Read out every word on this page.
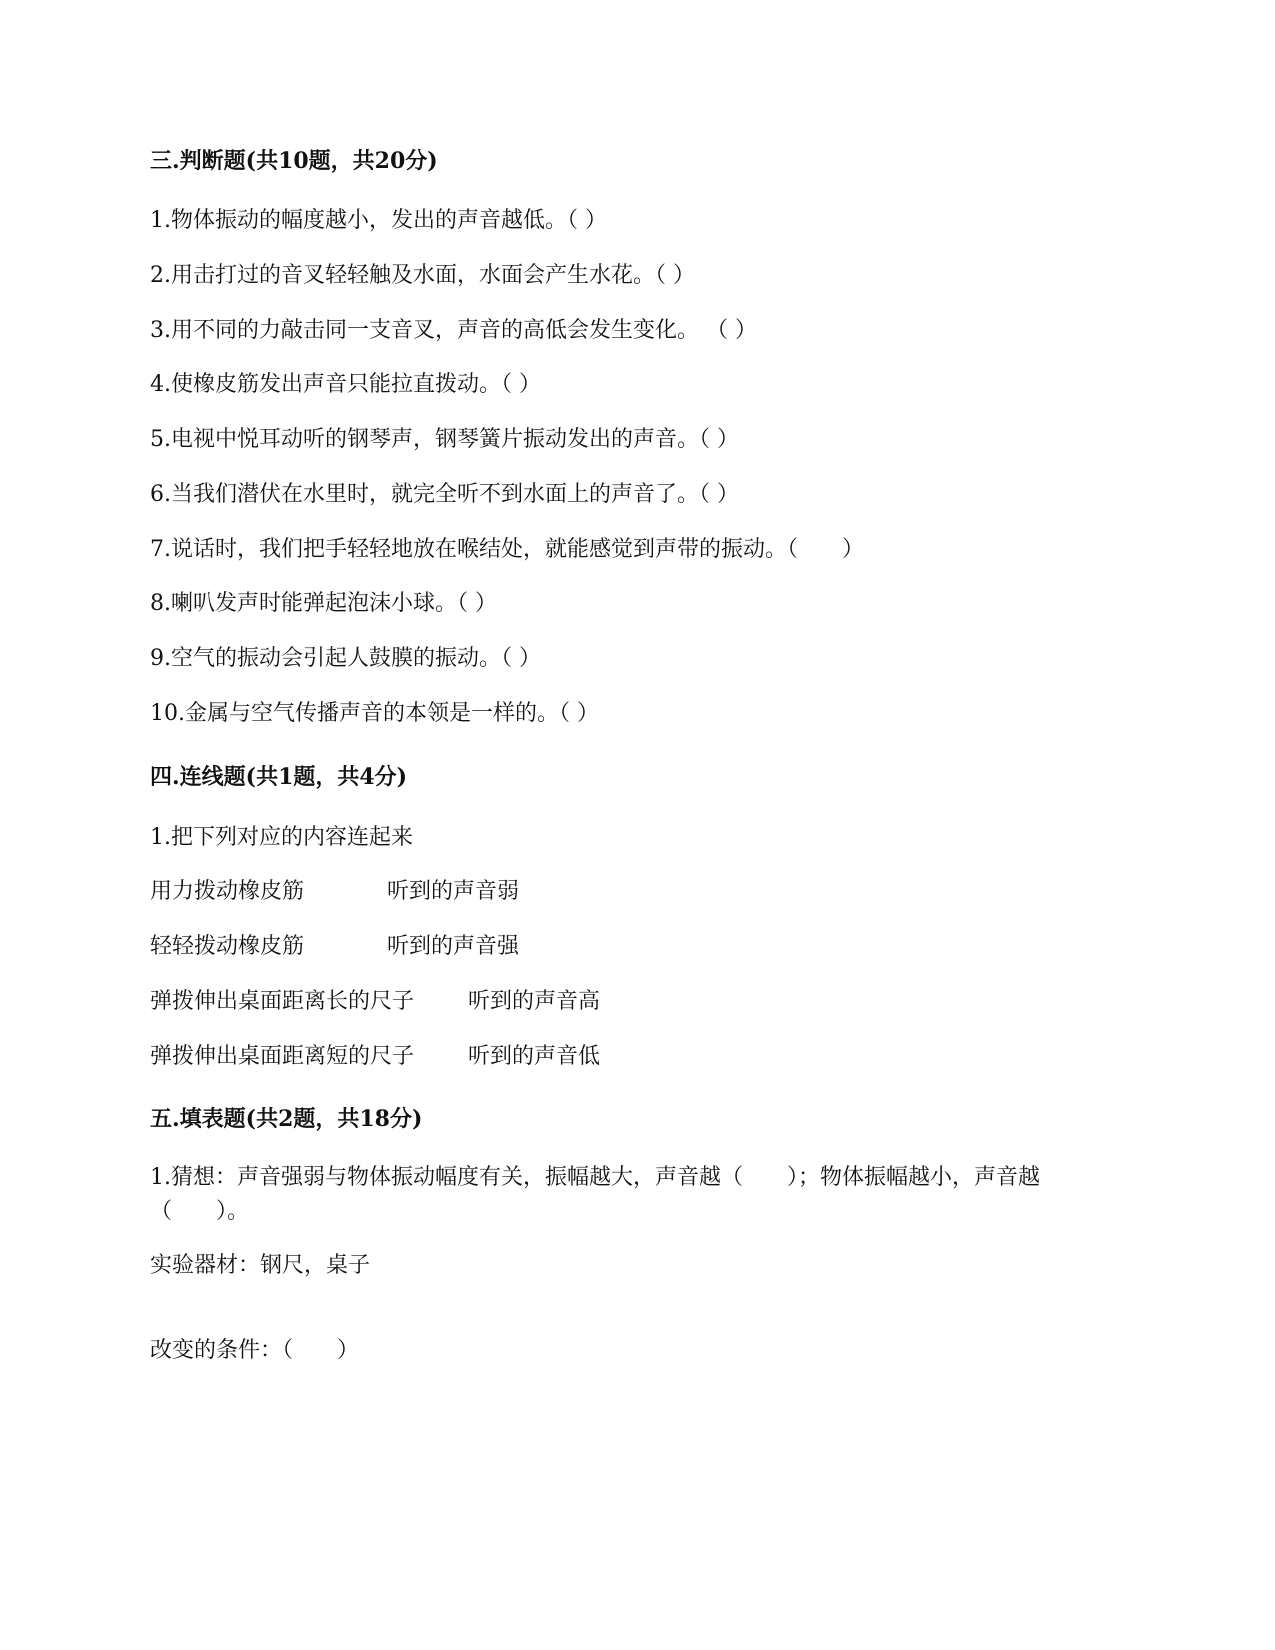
三.判断题(共10题，共20分)
1.物体振动的幅度越小，发出的声音越低。（ ）
2.用击打过的音叉轻轻触及水面，水面会产生水花。（ ）
3.用不同的力敲击同一支音叉，声音的高低会发生变化。 （ ）
4.使橡皮筋发出声音只能拉直拨动。（ ）
5.电视中悦耳动听的钢琴声，钢琴簧片振动发出的声音。（ ）
6.当我们潜伏在水里时，就完全听不到水面上的声音了。（ ）
7.说话时，我们把手轻轻地放在喉结处，就能感觉到声带的振动。（　　）
8.喇叭发声时能弹起泡沫小球。（ ）
9.空气的振动会引起人鼓膜的振动。（ ）
10.金属与空气传播声音的本领是一样的。（ ）
四.连线题(共1题，共4分)
1.把下列对应的内容连起来
用力拨动橡皮筋	听到的声音弱
轻轻拨动橡皮筋	听到的声音强
弹拨伸出桌面距离长的尺子 听到的声音高
弹拨伸出桌面距离短的尺子 听到的声音低
五.填表题(共2题，共18分)
1.猜想：声音强弱与物体振动幅度有关，振幅越大，声音越（　　）；物体振幅越小，声音越（　　）。
实验器材：钢尺，桌子
改变的条件：（　　）
